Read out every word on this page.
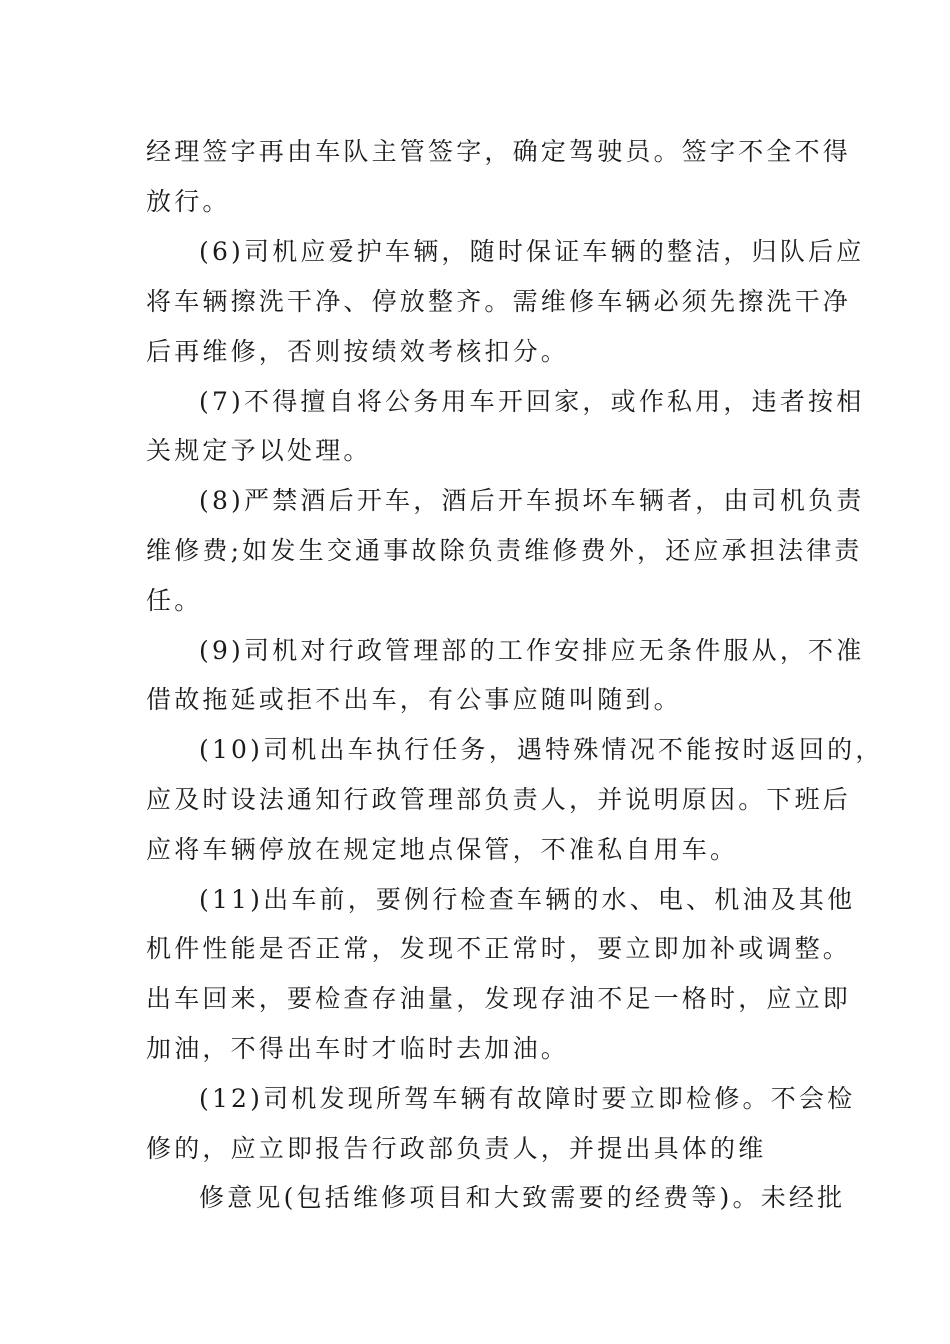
经理签字再由车队主管签字，确定驾驶员。签字不全不得
放行。
(6)司机应爱护车辆，随时保证车辆的整洁，归队后应
将车辆擦洗干净、停放整齐。需维修车辆必须先擦洗干净
后再维修，否则按绩效考核扣分。
(7)不得擅自将公务用车开回家，或作私用，违者按相
关规定予以处理。
(8)严禁酒后开车，酒后开车损坏车辆者，由司机负责
维修费;如发生交通事故除负责维修费外，还应承担法律责
任。
(9)司机对行政管理部的工作安排应无条件服从，不准
借故拖延或拒不出车，有公事应随叫随到。
(10)司机出车执行任务，遇特殊情况不能按时返回的，
应及时设法通知行政管理部负责人，并说明原因。下班后
应将车辆停放在规定地点保管，不准私自用车。
(11)出车前，要例行检查车辆的水、电、机油及其他
机件性能是否正常，发现不正常时，要立即加补或调整。
出车回来，要检查存油量，发现存油不足一格时，应立即
加油，不得出车时才临时去加油。
(12)司机发现所驾车辆有故障时要立即检修。不会检
修的，应立即报告行政部负责人，并提出具体的维
修意见(包括维修项目和大致需要的经费等)。未经批
